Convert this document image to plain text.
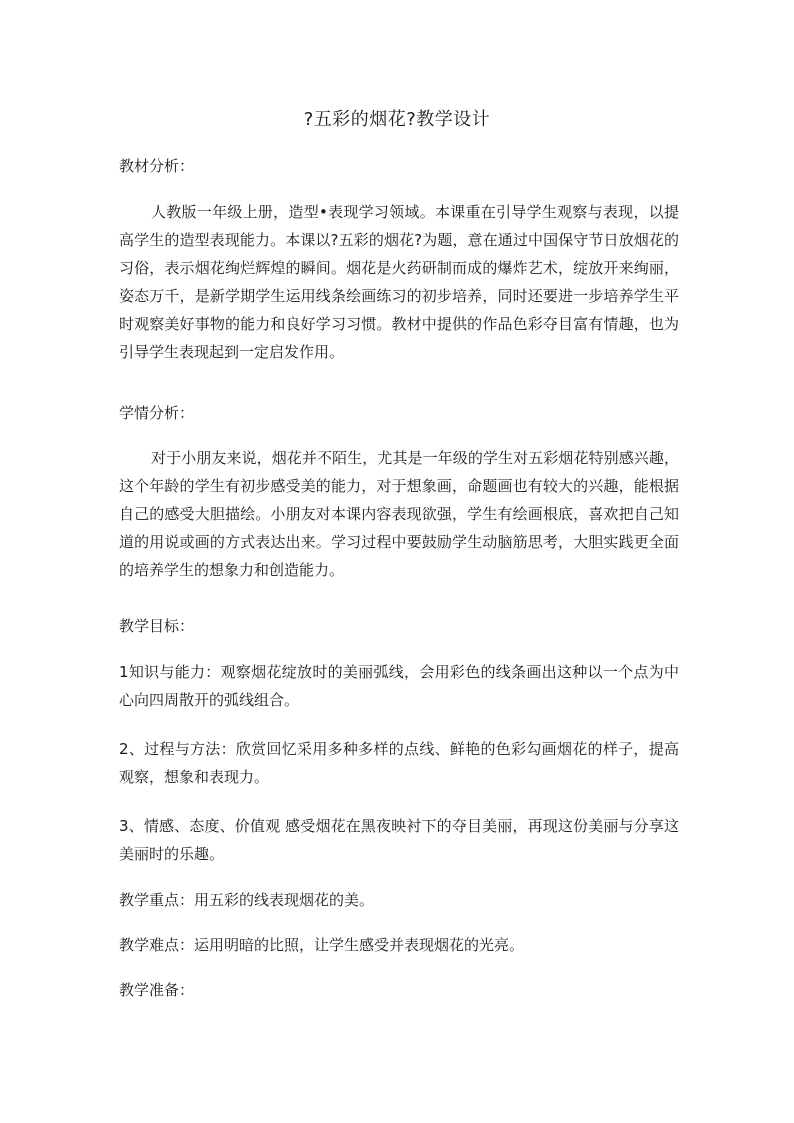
?五彩的烟花?教学设计
教材分析：

人教版一年级上册，造型•表现学习领域。本课重在引导学生观察与表现，以提高学生的造型表现能力。本课以?五彩的烟花?为题，意在通过中国保守节日放烟花的习俗，表示烟花绚烂辉煌的瞬间。烟花是火药研制而成的爆炸艺术，绽放开来绚丽，姿态万千，是新学期学生运用线条绘画练习的初步培养，同时还要进一步培养学生平时观察美好事物的能力和良好学习习惯。教材中提供的作品色彩夺目富有情趣，也为引导学生表现起到一定启发作用。

学情分析：

对于小朋友来说，烟花并不陌生，尤其是一年级的学生对五彩烟花特别感兴趣，这个年龄的学生有初步感受美的能力，对于想象画，命题画也有较大的兴趣，能根据自己的感受大胆描绘。小朋友对本课内容表现欲强，学生有绘画根底，喜欢把自己知道的用说或画的方式表达出来。学习过程中要鼓励学生动脑筋思考，大胆实践更全面的培养学生的想象力和创造能力。

教学目标：

1知识与能力：观察烟花绽放时的美丽弧线，会用彩色的线条画出这种以一个点为中心向四周散开的弧线组合。

2、过程与方法：欣赏回忆采用多种多样的点线、鲜艳的色彩勾画烟花的样子，提高观察，想象和表现力。

3、情感、态度、价值观 感受烟花在黑夜映衬下的夺目美丽，再现这份美丽与分享这美丽时的乐趣。

教学重点：用五彩的线表现烟花的美。
教学难点：运用明暗的比照，让学生感受并表现烟花的光亮。
教学准备：
